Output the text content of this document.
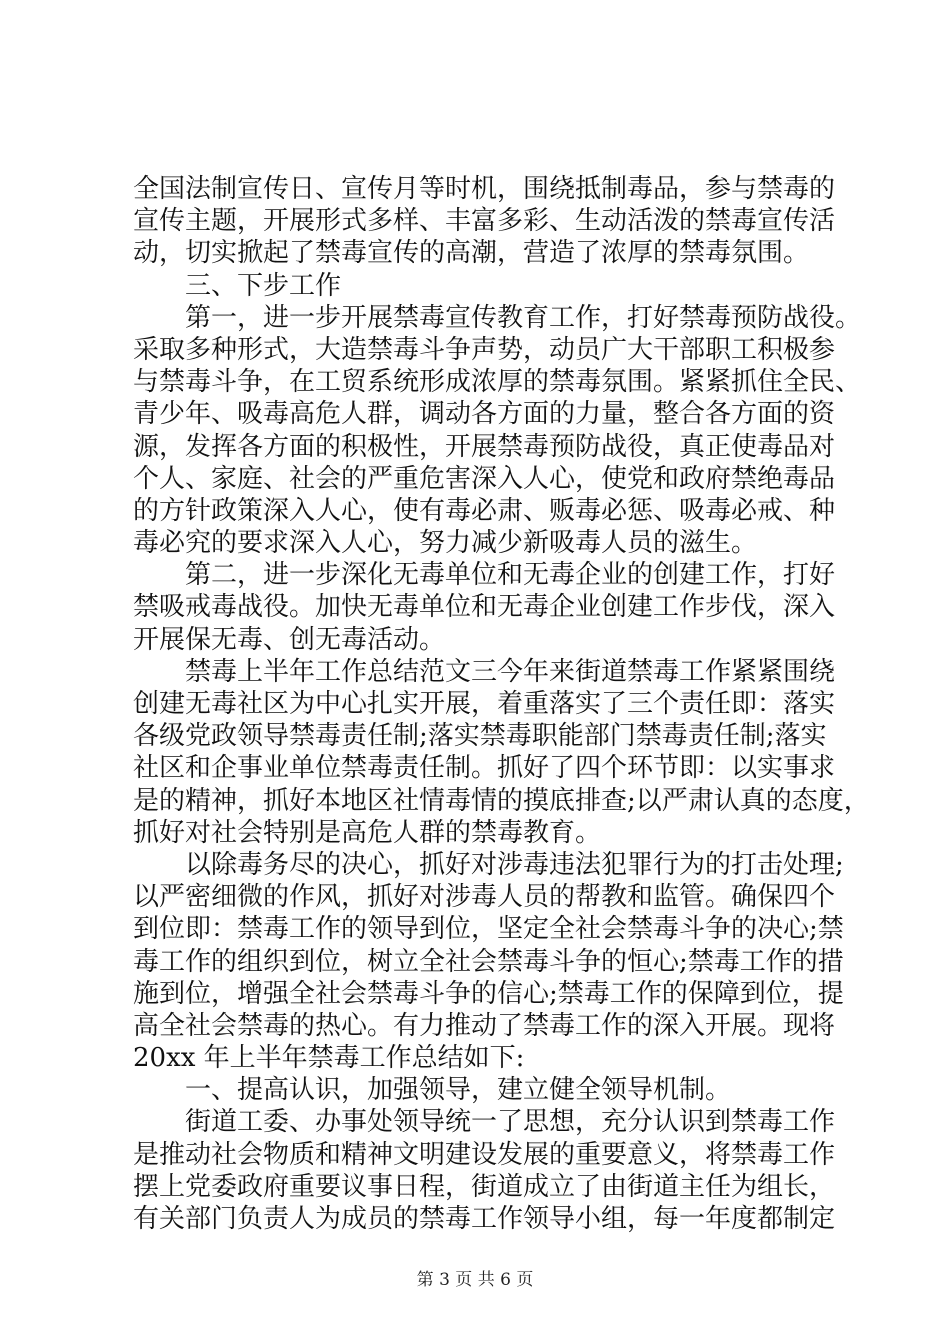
全国法制宣传日、宣传月等时机，围绕抵制毒品，参与禁毒的
宣传主题，开展形式多样、丰富多彩、生动活泼的禁毒宣传活
动，切实掀起了禁毒宣传的高潮，营造了浓厚的禁毒氛围。
　　三、下步工作
　　第一，进一步开展禁毒宣传教育工作，打好禁毒预防战役。
采取多种形式，大造禁毒斗争声势，动员广大干部职工积极参
与禁毒斗争，在工贸系统形成浓厚的禁毒氛围。紧紧抓住全民、
青少年、吸毒高危人群，调动各方面的力量，整合各方面的资
源，发挥各方面的积极性，开展禁毒预防战役，真正使毒品对
个人、家庭、社会的严重危害深入人心，使党和政府禁绝毒品
的方针政策深入人心，使有毒必肃、贩毒必惩、吸毒必戒、种
毒必究的要求深入人心，努力减少新吸毒人员的滋生。
　　第二，进一步深化无毒单位和无毒企业的创建工作，打好
禁吸戒毒战役。加快无毒单位和无毒企业创建工作步伐，深入
开展保无毒、创无毒活动。
　　禁毒上半年工作总结范文三今年来街道禁毒工作紧紧围绕
创建无毒社区为中心扎实开展，着重落实了三个责任即：落实
各级党政领导禁毒责任制;落实禁毒职能部门禁毒责任制;落实
社区和企事业单位禁毒责任制。抓好了四个环节即：以实事求
是的精神，抓好本地区社情毒情的摸底排查;以严肃认真的态度，
抓好对社会特别是高危人群的禁毒教育。
　　以除毒务尽的决心，抓好对涉毒违法犯罪行为的打击处理;
以严密细微的作风，抓好对涉毒人员的帮教和监管。确保四个
到位即：禁毒工作的领导到位，坚定全社会禁毒斗争的决心;禁
毒工作的组织到位，树立全社会禁毒斗争的恒心;禁毒工作的措
施到位，增强全社会禁毒斗争的信心;禁毒工作的保障到位，提
高全社会禁毒的热心。有力推动了禁毒工作的深入开展。现将
20xx 年上半年禁毒工作总结如下:
　　一、提高认识，加强领导，建立健全领导机制。
　　街道工委、办事处领导统一了思想，充分认识到禁毒工作
是推动社会物质和精神文明建设发展的重要意义，将禁毒工作
摆上党委政府重要议事日程，街道成立了由街道主任为组长，
有关部门负责人为成员的禁毒工作领导小组，每一年度都制定
第 3 页 共 6 页
